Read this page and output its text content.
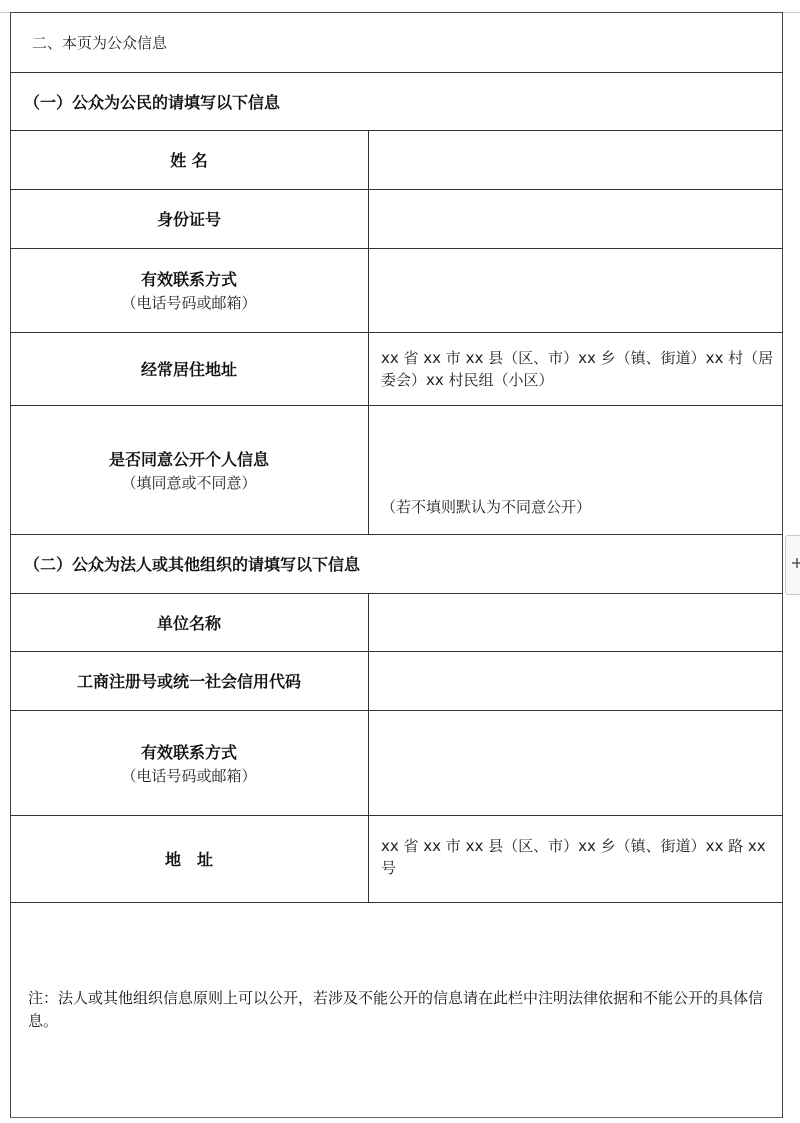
二、本页为公众信息
（一）公众为公民的请填写以下信息
姓 名
身份证号
有效联系方式
（电话号码或邮箱）
经常居住地址
xx 省 xx 市 xx 县（区、市）xx 乡（镇、街道）xx 村（居委会）xx 村民组（小区）
是否同意公开个人信息
（填同意或不同意）
（若不填则默认为不同意公开）
（二）公众为法人或其他组织的请填写以下信息
单位名称
工商注册号或统一社会信用代码
有效联系方式
（电话号码或邮箱）
地　址
xx 省 xx 市 xx 县（区、市）xx 乡（镇、街道）xx 路 xx 号
注：法人或其他组织信息原则上可以公开，若涉及不能公开的信息请在此栏中注明法律依据和不能公开的具体信息。
